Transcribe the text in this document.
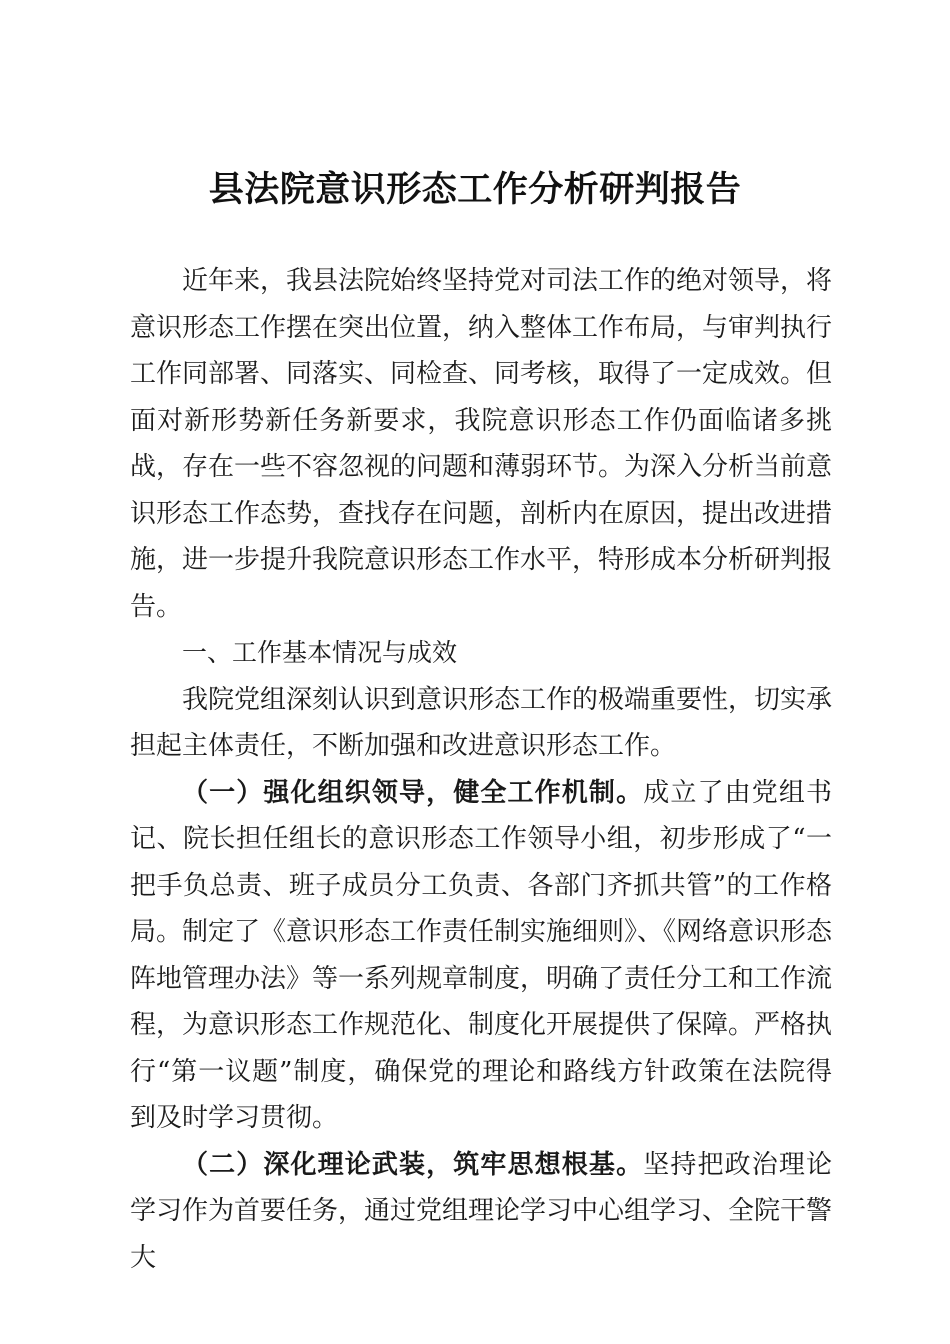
县法院意识形态工作分析研判报告

近年来，我县法院始终坚持党对司法工作的绝对领导，将意识形态工作摆在突出位置，纳入整体工作布局，与审判执行工作同部署、同落实、同检查、同考核，取得了一定成效。但面对新形势新任务新要求，我院意识形态工作仍面临诸多挑战，存在一些不容忽视的问题和薄弱环节。为深入分析当前意识形态工作态势，查找存在问题，剖析内在原因，提出改进措施，进一步提升我院意识形态工作水平，特形成本分析研判报告。

一、工作基本情况与成效

我院党组深刻认识到意识形态工作的极端重要性，切实承担起主体责任，不断加强和改进意识形态工作。

（一）强化组织领导，健全工作机制。成立了由党组书记、院长担任组长的意识形态工作领导小组，初步形成了“一把手负总责、班子成员分工负责、各部门齐抓共管”的工作格局。制定了《意识形态工作责任制实施细则》、《网络意识形态阵地管理办法》等一系列规章制度，明确了责任分工和工作流程，为意识形态工作规范化、制度化开展提供了保障。严格执行“第一议题”制度，确保党的理论和路线方针政策在法院得到及时学习贯彻。

（二）深化理论武装，筑牢思想根基。坚持把政治理论学习作为首要任务，通过党组理论学习中心组学习、全院干警大
